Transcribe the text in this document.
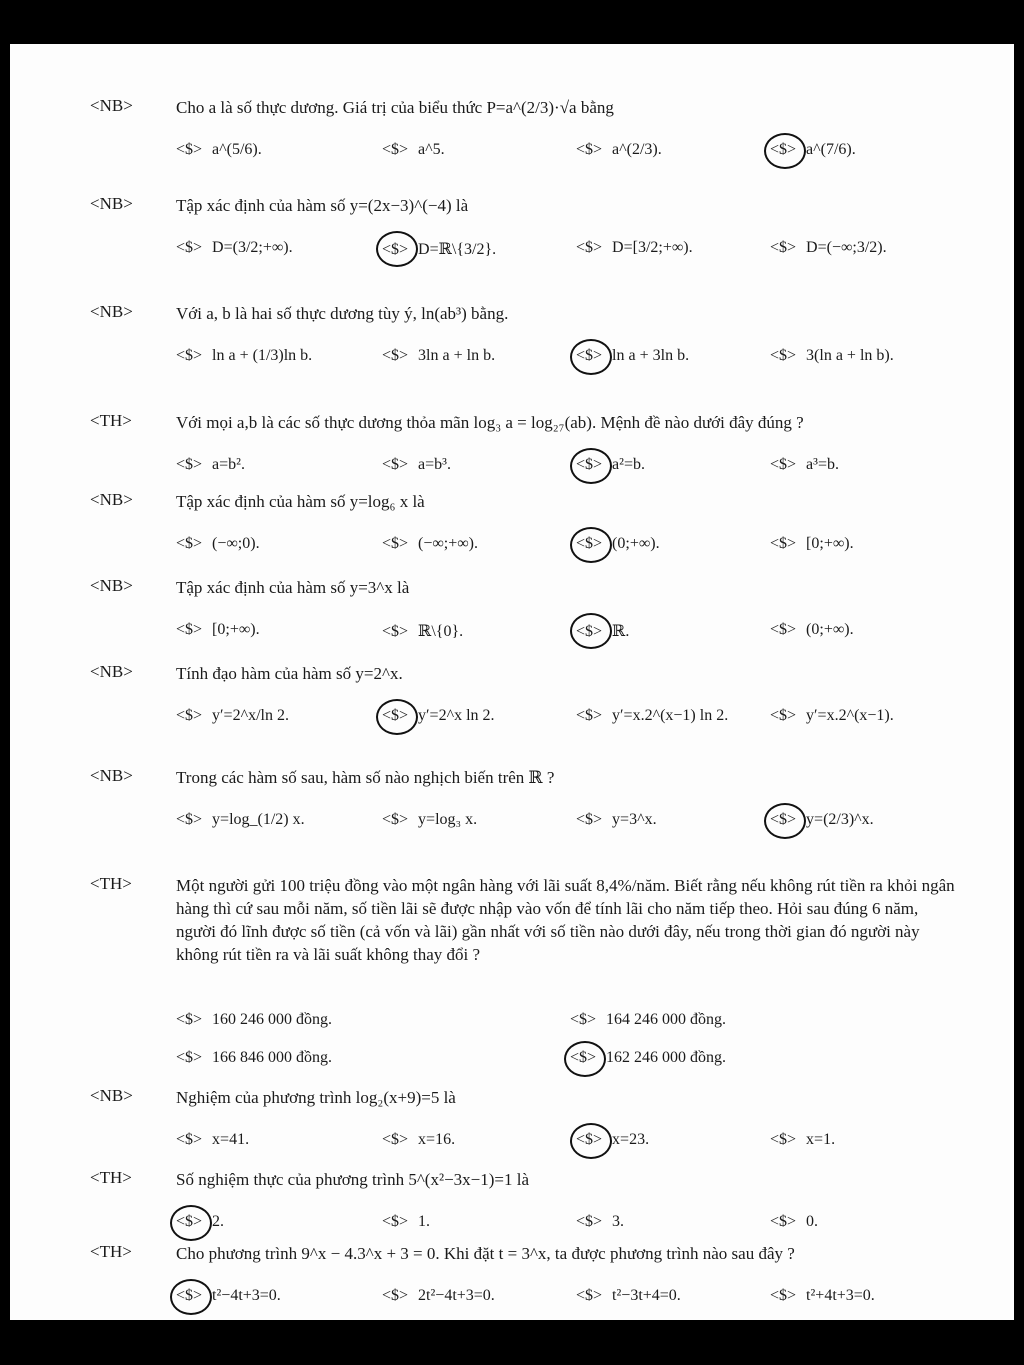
<NB>	Cho a là số thực dương. Giá trị của biểu thức P=a^(2/3)·√a bằng
<$> a^(5/6).	<$> a^5.	<$> a^(2/3).	<$> a^(7/6).
<NB>	Tập xác định của hàm số y=(2x−3)^(−4) là
<$> D=(3/2;+∞).	<$> D=ℝ\{3/2}.	<$> D=[3/2;+∞).	<$> D=(−∞;3/2).
<NB>	Với a, b là hai số thực dương tùy ý, ln(ab³) bằng.
<$> ln a + (1/3)ln b.	<$> 3ln a + ln b.	<$> ln a + 3ln b.	<$> 3(ln a + ln b).
<TH>	Với mọi a,b là các số thực dương thỏa mãn log₃ a = log₂₇(ab). Mệnh đề nào dưới đây đúng ?
<$> a=b².	<$> a=b³.	<$> a²=b.	<$> a³=b.
<NB>	Tập xác định của hàm số y=log₆ x là
<$> (−∞;0).	<$> (−∞;+∞).	<$> (0;+∞).	<$> [0;+∞).
<NB>	Tập xác định của hàm số y=3^x là
<$> [0;+∞).	<$> ℝ\{0}.	<$> ℝ.	<$> (0;+∞).
<NB>	Tính đạo hàm của hàm số y=2^x.
<$> y′=2^x/ln 2.	<$> y′=2^x ln 2.	<$> y′=x.2^(x−1) ln 2.	<$> y′=x.2^(x−1).
<NB>	Trong các hàm số sau, hàm số nào nghịch biến trên ℝ ?
<$> y=log_(1/2) x.	<$> y=log₃ x.	<$> y=3^x.	<$> y=(2/3)^x.
<TH>	Một người gửi 100 triệu đồng vào một ngân hàng với lãi suất 8,4%/năm. Biết rằng nếu không rút tiền ra khỏi ngân hàng thì cứ sau mỗi năm, số tiền lãi sẽ được nhập vào vốn để tính lãi cho năm tiếp theo. Hỏi sau đúng 6 năm, người đó lĩnh được số tiền (cả vốn và lãi) gần nhất với số tiền nào dưới đây, nếu trong thời gian đó người này không rút tiền ra và lãi suất không thay đổi ?
<$> 160 246 000 đồng.	<$> 164 246 000 đồng.
<$> 166 846 000 đồng.	<$> 162 246 000 đồng.
<NB>	Nghiệm của phương trình log₂(x+9)=5 là
<$> x=41.	<$> x=16.	<$> x=23.	<$> x=1.
<TH>	Số nghiệm thực của phương trình 5^(x²−3x−1)=1 là
<$> 2.	<$> 1.	<$> 3.	<$> 0.
<TH>	Cho phương trình 9^x − 4.3^x + 3 = 0. Khi đặt t = 3^x, ta được phương trình nào sau đây ?
<$> t²−4t+3=0.	<$> 2t²−4t+3=0.	<$> t²−3t+4=0.	<$> t²+4t+3=0.
